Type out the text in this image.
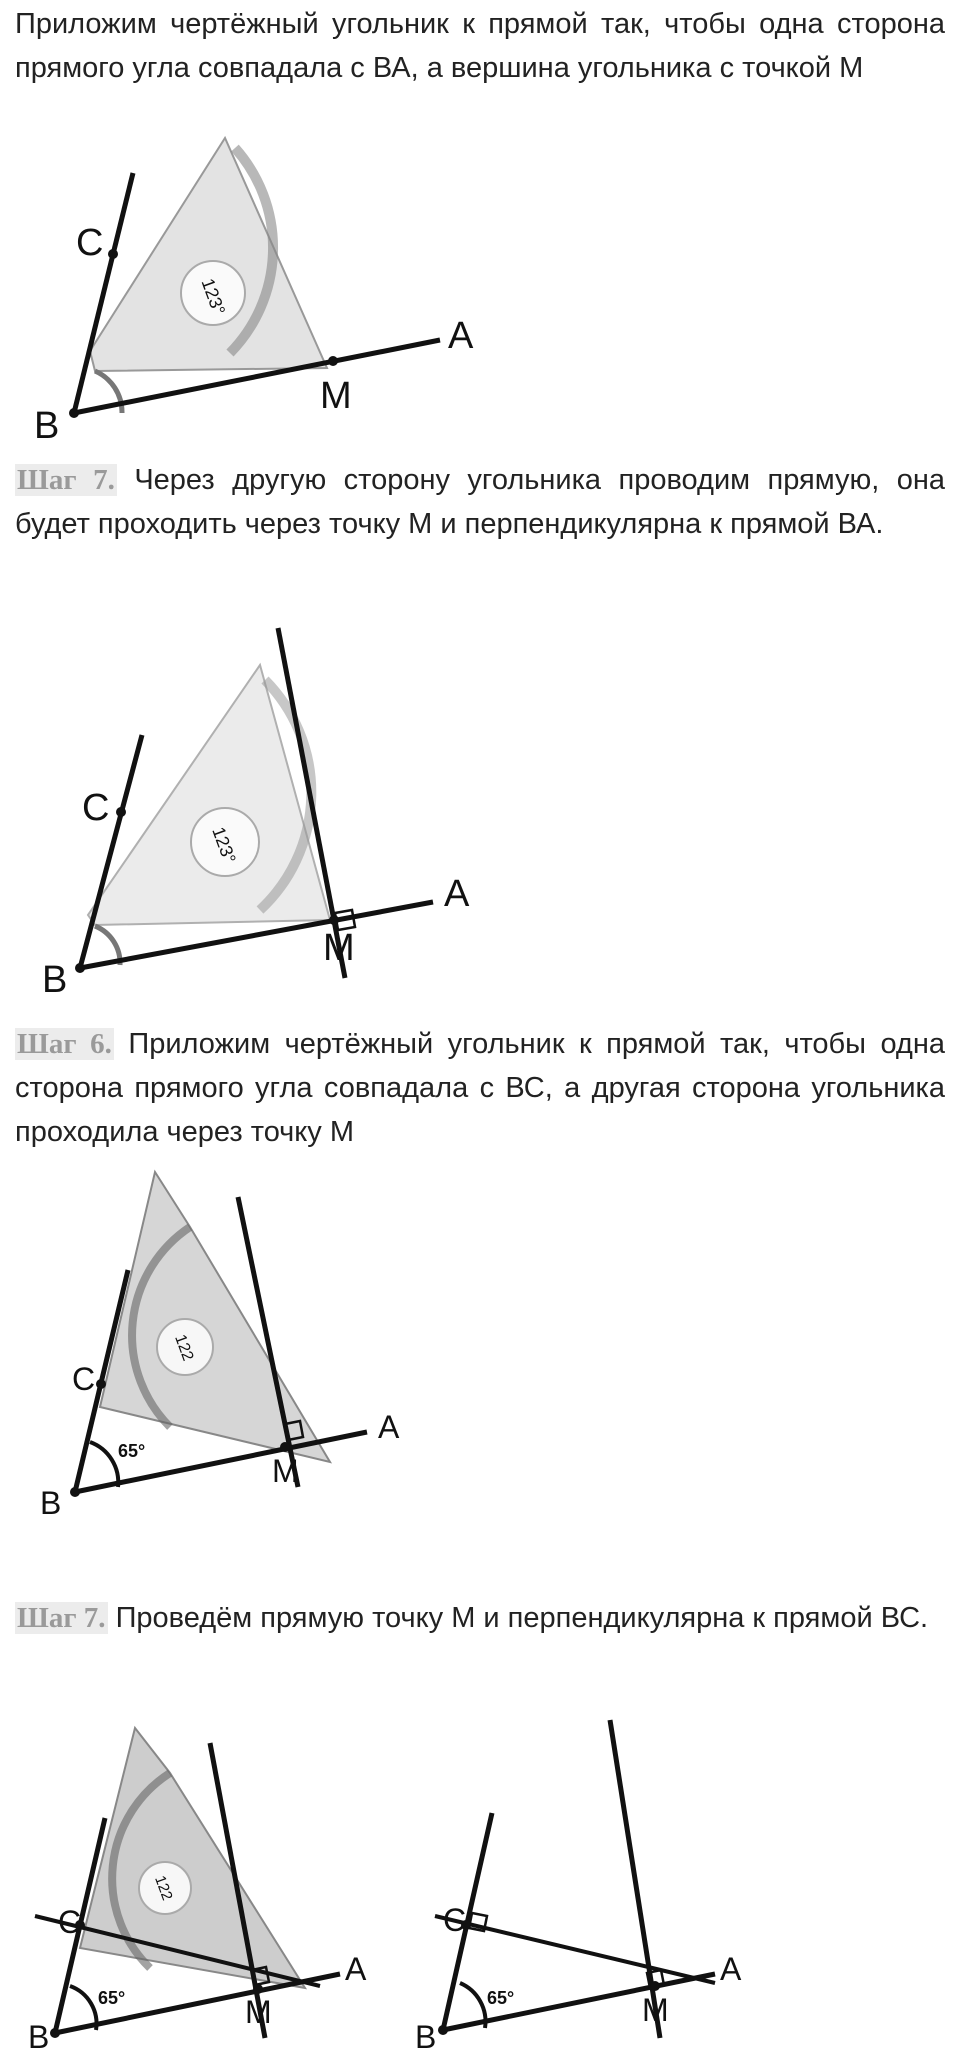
Приложим чертёжный угольник к прямой так, чтобы одна сторона прямого угла совпадала с ВА, а вершина угольника с точкой М
123°
C
B
M
A
Шаг 7. Через другую сторону угольника проводим прямую, она будет проходить через точку М и перпендикулярна к прямой ВА.
123°
C
B
M
A
Шаг 6. Приложим чертёжный угольник к прямой так, чтобы одна сторона прямого угла совпадала с ВС, а другая сторона угольника проходила через точку М
122
C
B
M
A
65°
Шаг 7. Проведём прямую точку М и перпендикулярна к прямой ВС.
122
C
B
M
A
65°
C
B
M
A
65°
